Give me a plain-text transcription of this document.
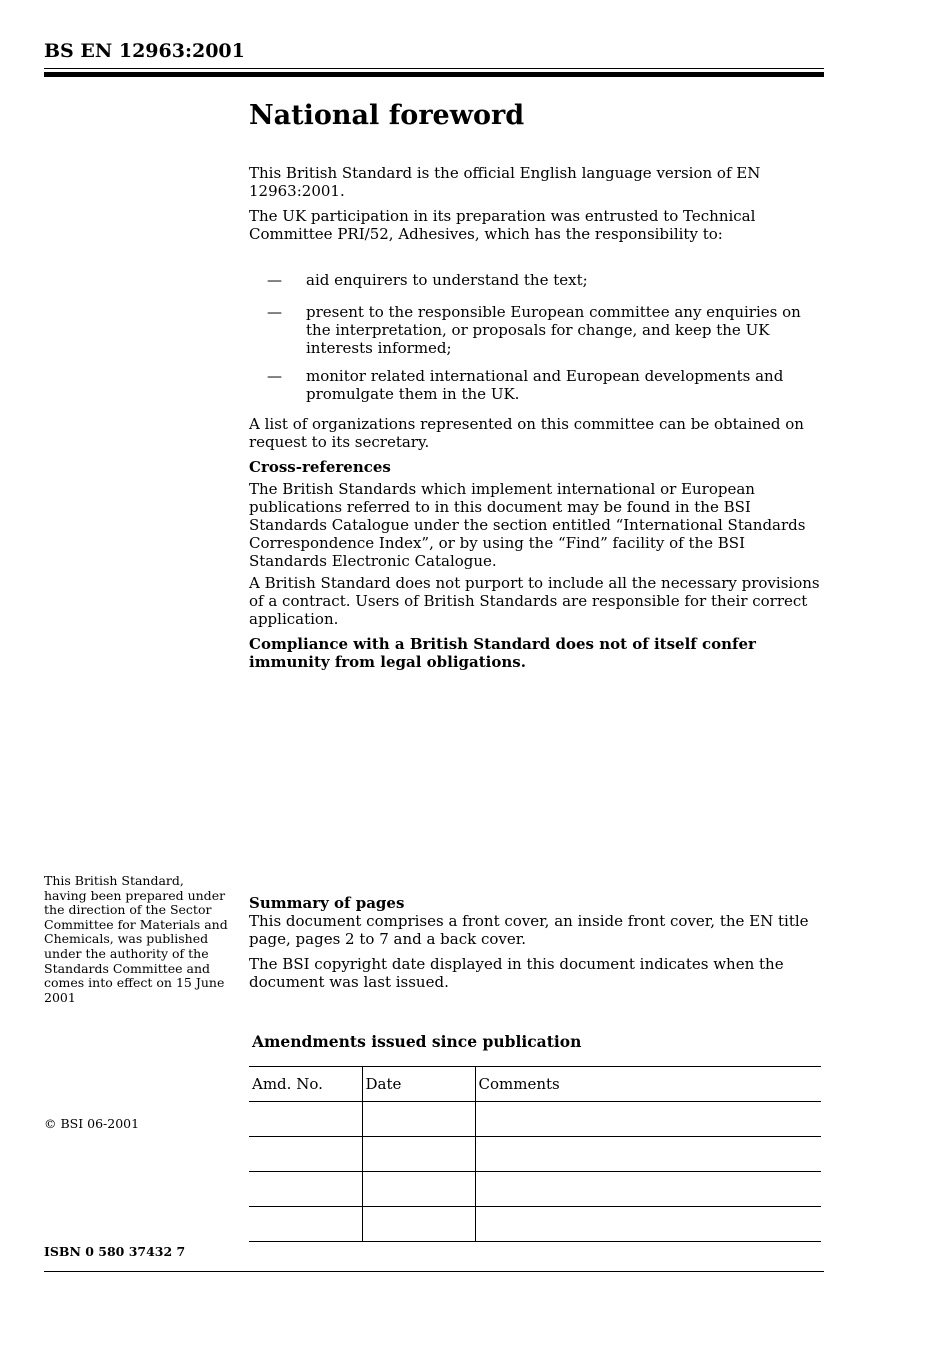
BS EN 12963:2001
National foreword

This British Standard is the official English language version of EN 12963:2001.

The UK participation in its preparation was entrusted to Technical Committee PRI/52, Adhesives, which has the responsibility to:

— aid enquirers to understand the text;
— present to the responsible European committee any enquiries on the interpretation, or proposals for change, and keep the UK interests informed;
— monitor related international and European developments and promulgate them in the UK.

A list of organizations represented on this committee can be obtained on request to its secretary.

Cross-references

The British Standards which implement international or European publications referred to in this document may be found in the BSI Standards Catalogue under the section entitled “International Standards Correspondence Index”, or by using the “Find” facility of the BSI Standards Electronic Catalogue.

A British Standard does not purport to include all the necessary provisions of a contract. Users of British Standards are responsible for their correct application.

Compliance with a British Standard does not of itself confer immunity from legal obligations.

This British Standard, having been prepared under the direction of the Sector Committee for Materials and Chemicals, was published under the authority of the Standards Committee and comes into effect on 15 June 2001

Summary of pages

This document comprises a front cover, an inside front cover, the EN title page, pages 2 to 7 and a back cover.

The BSI copyright date displayed in this document indicates when the document was last issued.

Amendments issued since publication
Amd. No.	Date	Comments

© BSI 06-2001
ISBN 0 580 37432 7
